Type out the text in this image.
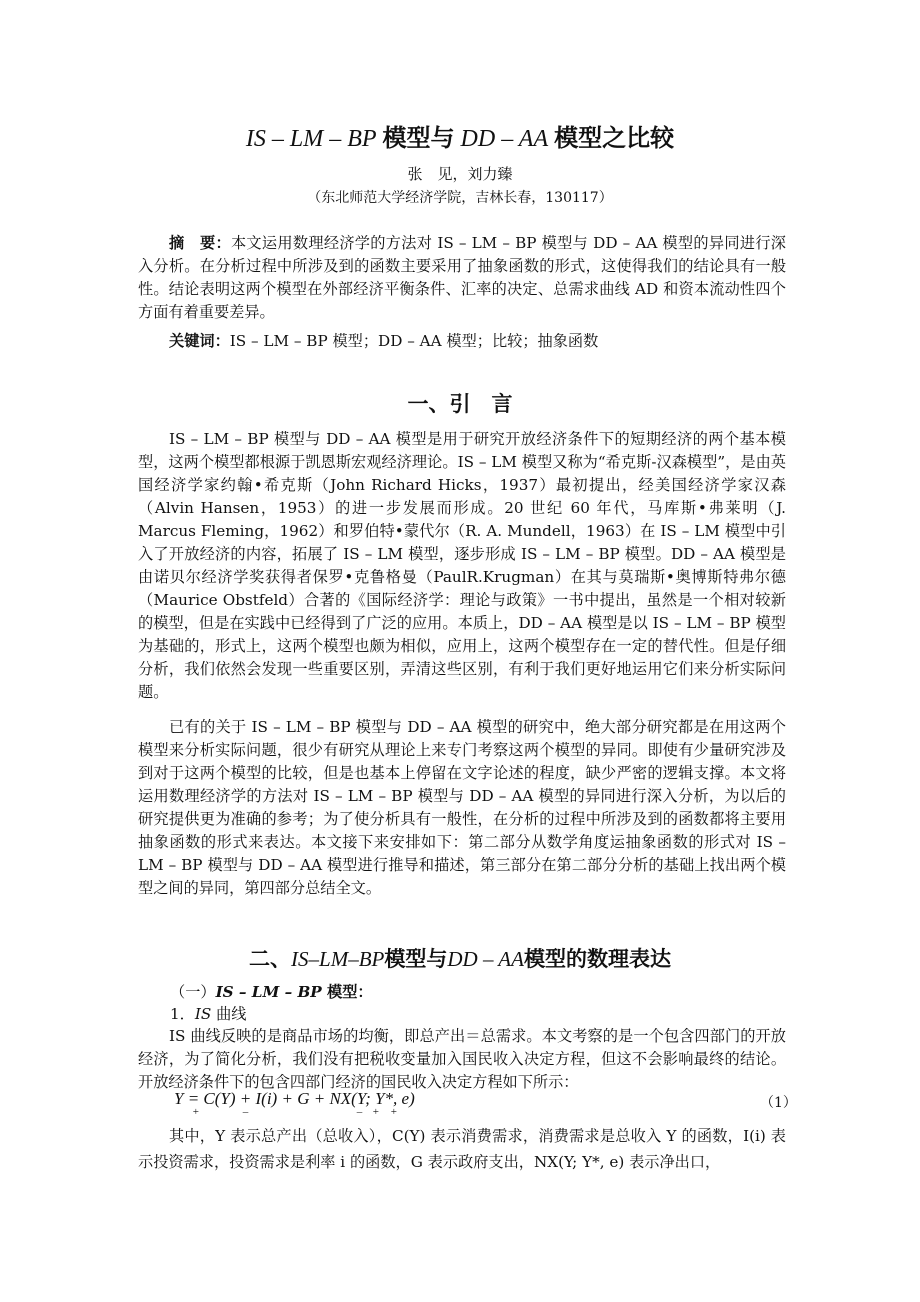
IS – LM – BP 模型与 DD – AA 模型之比较
张　见，刘力臻
（东北师范大学经济学院，吉林长春，130117）
摘　要：本文运用数理经济学的方法对 IS – LM – BP 模型与 DD – AA 模型的异同进行深入分析。在分析过程中所涉及到的函数主要采用了抽象函数的形式，这使得我们的结论具有一般性。结论表明这两个模型在外部经济平衡条件、汇率的决定、总需求曲线 AD 和资本流动性四个方面有着重要差异。
关键词：IS – LM – BP 模型；DD – AA 模型；比较；抽象函数
一、引　言
IS – LM – BP 模型与 DD – AA 模型是用于研究开放经济条件下的短期经济的两个基本模型，这两个模型都根源于凯恩斯宏观经济理论。IS – LM 模型又称为“希克斯-汉森模型”，是由英国经济学家约翰•希克斯（John Richard Hicks，1937）最初提出，经美国经济学家汉森（Alvin Hansen，1953）的进一步发展而形成。20 世纪 60 年代，马库斯•弗莱明（J. Marcus Fleming，1962）和罗伯特•蒙代尔（R. A. Mundell，1963）在 IS – LM 模型中引入了开放经济的内容，拓展了 IS – LM 模型，逐步形成 IS – LM – BP 模型。DD – AA 模型是由诺贝尔经济学奖获得者保罗•克鲁格曼（PaulR.Krugman）在其与莫瑞斯•奥博斯特弗尔德（Maurice Obstfeld）合著的《国际经济学：理论与政策》一书中提出，虽然是一个相对较新的模型，但是在实践中已经得到了广泛的应用。本质上，DD – AA 模型是以 IS – LM – BP 模型为基础的，形式上，这两个模型也颇为相似，应用上，这两个模型存在一定的替代性。但是仔细分析，我们依然会发现一些重要区别，弄清这些区别，有利于我们更好地运用它们来分析实际问题。
已有的关于 IS – LM – BP 模型与 DD – AA 模型的研究中，绝大部分研究都是在用这两个模型来分析实际问题，很少有研究从理论上来专门考察这两个模型的异同。即使有少量研究涉及到对于这两个模型的比较，但是也基本上停留在文字论述的程度，缺少严密的逻辑支撑。本文将运用数理经济学的方法对 IS – LM – BP 模型与 DD – AA 模型的异同进行深入分析，为以后的研究提供更为准确的参考；为了使分析具有一般性，在分析的过程中所涉及到的函数都将主要用抽象函数的形式来表达。本文接下来安排如下：第二部分从数学角度运抽象函数的形式对 IS – LM – BP 模型与 DD – AA 模型进行推导和描述，第三部分在第二部分分析的基础上找出两个模型之间的异同，第四部分总结全文。
二、IS–LM–BP模型与DD – AA模型的数理表达
（一）IS – LM – BP 模型：
1．IS 曲线
IS 曲线反映的是商品市场的均衡，即总产出＝总需求。本文考察的是一个包含四部门的开放经济，为了简化分析，我们没有把税收变量加入国民收入决定方程，但这不会影响最终的结论。开放经济条件下的包含四部门经济的国民收入决定方程如下所示：
Y = C(Y) + I(i) + G + NX(Y; Y*, e)
+	–	– + +
（1）
其中，Y 表示总产出（总收入），C(Y) 表示消费需求，消费需求是总收入 Y 的函数，I(i) 表示投资需求，投资需求是利率 i 的函数，G 表示政府支出，NX(Y; Y*, e) 表示净出口，
